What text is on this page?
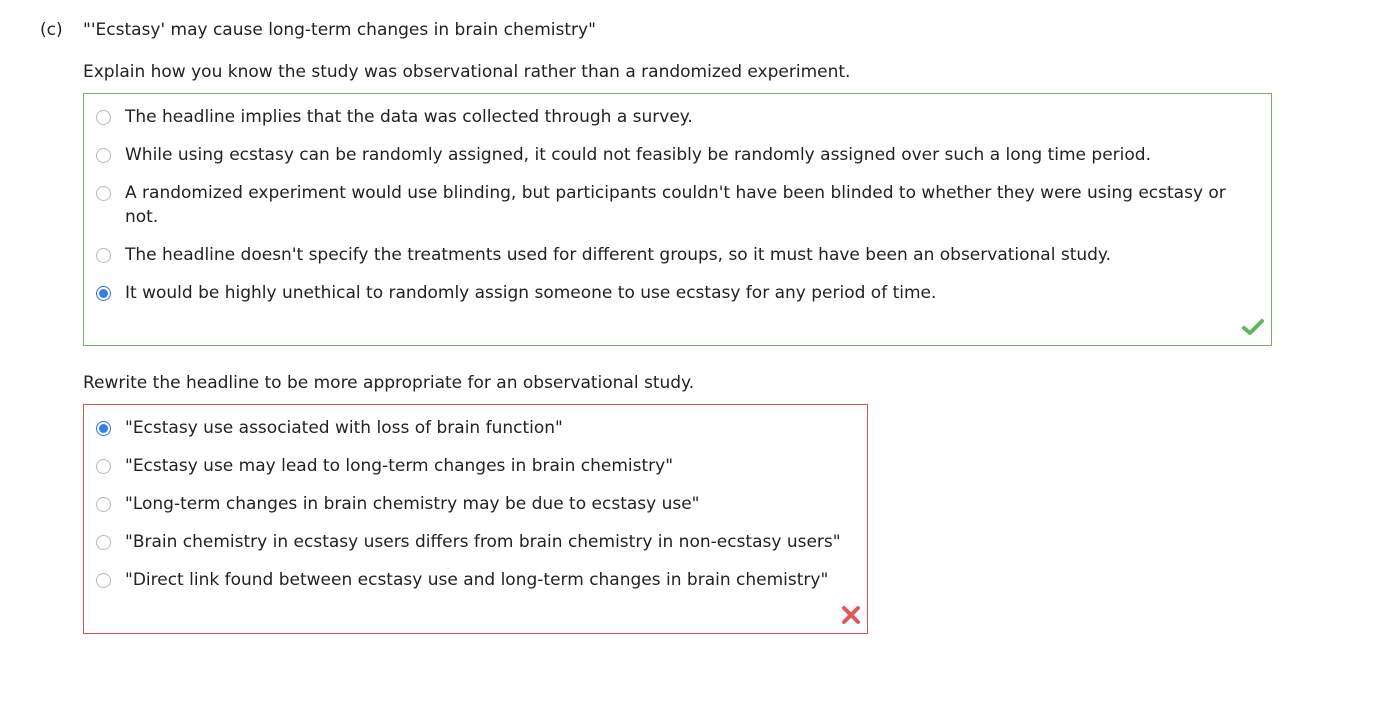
(c) "'Ecstasy' may cause long-term changes in brain chemistry"
Explain how you know the study was observational rather than a randomized experiment.
The headline implies that the data was collected through a survey.
While using ecstasy can be randomly assigned, it could not feasibly be randomly assigned over such a long time period.
A randomized experiment would use blinding, but participants couldn't have been blinded to whether they were using ecstasy or not.
The headline doesn't specify the treatments used for different groups, so it must have been an observational study.
It would be highly unethical to randomly assign someone to use ecstasy for any period of time.
Rewrite the headline to be more appropriate for an observational study.
"Ecstasy use associated with loss of brain function"
"Ecstasy use may lead to long-term changes in brain chemistry"
"Long-term changes in brain chemistry may be due to ecstasy use"
"Brain chemistry in ecstasy users differs from brain chemistry in non-ecstasy users"
"Direct link found between ecstasy use and long-term changes in brain chemistry"
